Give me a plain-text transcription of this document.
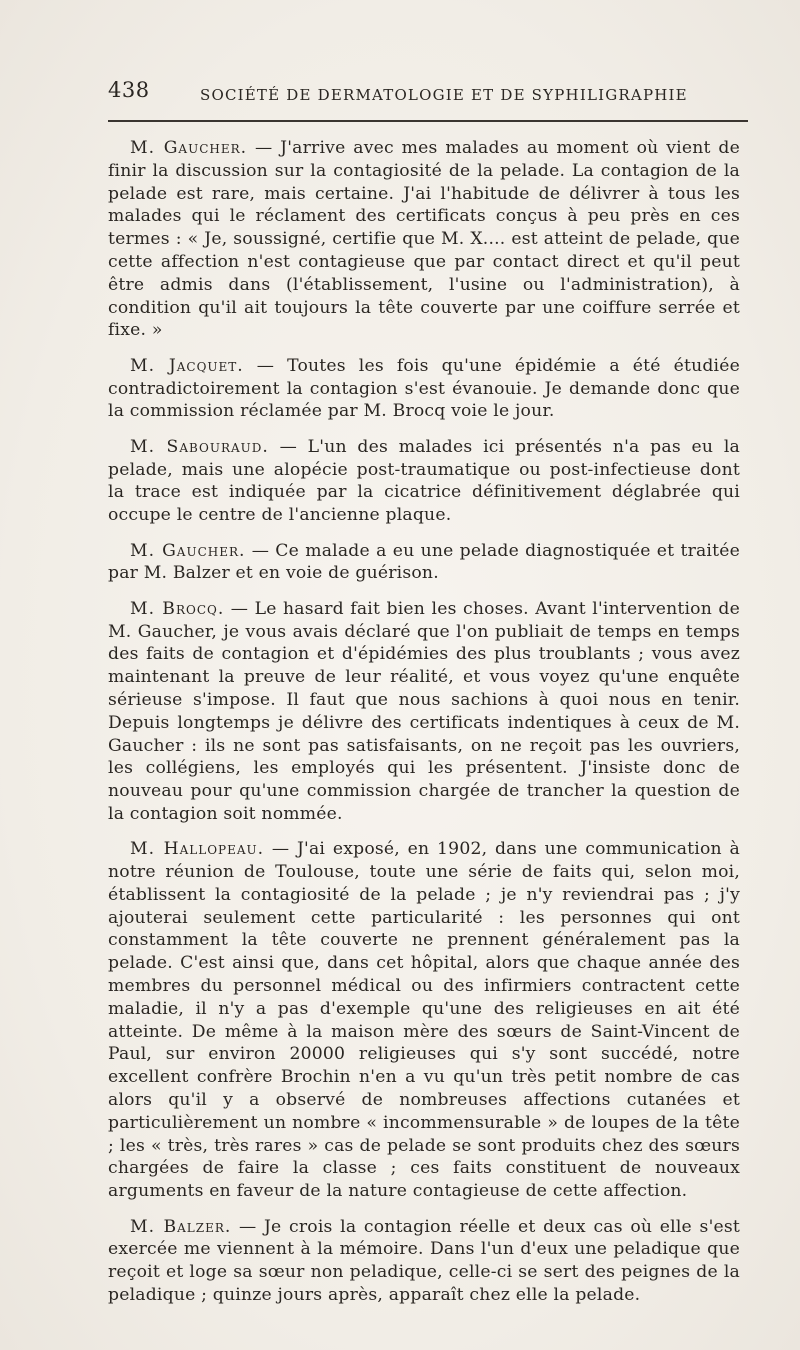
438	SOCIÉTÉ DE DERMATOLOGIE ET DE SYPHILIGRAPHIE

M. Gaucher. — J'arrive avec mes malades au moment où vient de finir la discussion sur la contagiosité de la pelade. La contagion de la pelade est rare, mais certaine. J'ai l'habitude de délivrer à tous les malades qui le réclament des certificats conçus à peu près en ces termes : « Je, soussigné, certifie que M. X.... est atteint de pelade, que cette affection n'est contagieuse que par contact direct et qu'il peut être admis dans (l'établissement, l'usine ou l'administration), à condition qu'il ait toujours la tête couverte par une coiffure serrée et fixe. »

M. Jacquet. — Toutes les fois qu'une épidémie a été étudiée contradictoirement la contagion s'est évanouie. Je demande donc que la commission réclamée par M. Brocq voie le jour.

M. Sabouraud. — L'un des malades ici présentés n'a pas eu la pelade, mais une alopécie post-traumatique ou post-infectieuse dont la trace est indiquée par la cicatrice définitivement déglabrée qui occupe le centre de l'ancienne plaque.

M. Gaucher. — Ce malade a eu une pelade diagnostiquée et traitée par M. Balzer et en voie de guérison.

M. Brocq. — Le hasard fait bien les choses. Avant l'intervention de M. Gaucher, je vous avais déclaré que l'on publiait de temps en temps des faits de contagion et d'épidémies des plus troublants ; vous avez maintenant la preuve de leur réalité, et vous voyez qu'une enquête sérieuse s'impose. Il faut que nous sachions à quoi nous en tenir. Depuis longtemps je délivre des certificats indentiques à ceux de M. Gaucher : ils ne sont pas satisfaisants, on ne reçoit pas les ouvriers, les collégiens, les employés qui les présentent. J'insiste donc de nouveau pour qu'une commission chargée de trancher la question de la contagion soit nommée.

M. Hallopeau. — J'ai exposé, en 1902, dans une communication à notre réunion de Toulouse, toute une série de faits qui, selon moi, établissent la contagiosité de la pelade ; je n'y reviendrai pas ; j'y ajouterai seulement cette particularité : les personnes qui ont constamment la tête couverte ne prennent généralement pas la pelade. C'est ainsi que, dans cet hôpital, alors que chaque année des membres du personnel médical ou des infirmiers contractent cette maladie, il n'y a pas d'exemple qu'une des religieuses en ait été atteinte. De même à la maison mère des sœurs de Saint-Vincent de Paul, sur environ 20000 religieuses qui s'y sont succédé, notre excellent confrère Brochin n'en a vu qu'un très petit nombre de cas alors qu'il y a observé de nombreuses affections cutanées et particulièrement un nombre « incommensurable » de loupes de la tête ; les « très, très rares » cas de pelade se sont produits chez des sœurs chargées de faire la classe ; ces faits constituent de nouveaux arguments en faveur de la nature contagieuse de cette affection.

M. Balzer. — Je crois la contagion réelle et deux cas où elle s'est exercée me viennent à la mémoire. Dans l'un d'eux une peladique que reçoit et loge sa sœur non peladique, celle-ci se sert des peignes de la peladique ; quinze jours après, apparaît chez elle la pelade.
